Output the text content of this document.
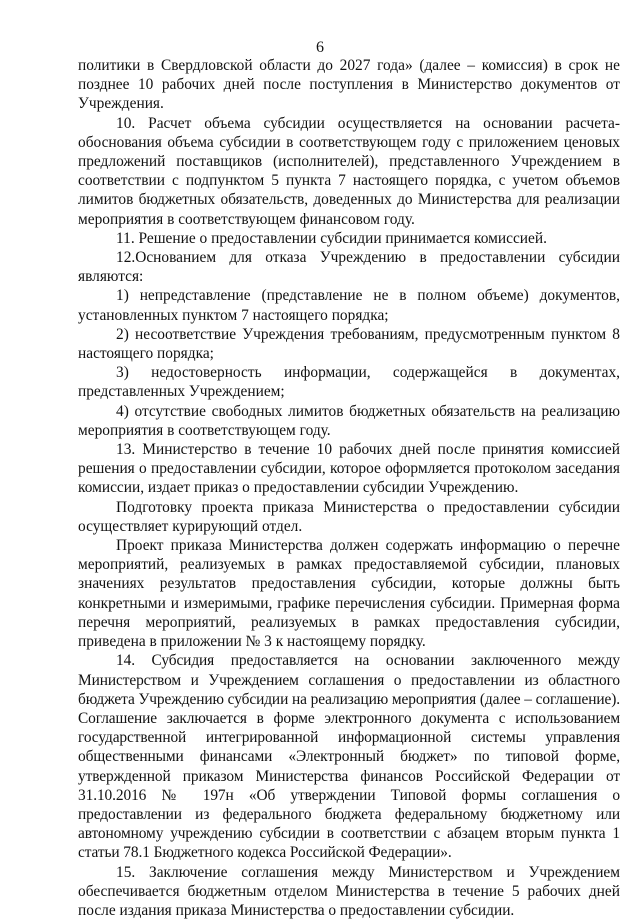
6

политики в Свердловской области до 2027 года» (далее – комиссия) в срок не позднее 10 рабочих дней после поступления в Министерство документов от Учреждения.

10. Расчет объема субсидии осуществляется на основании расчета-обоснования объема субсидии в соответствующем году с приложением ценовых предложений поставщиков (исполнителей), представленного Учреждением в соответствии с подпунктом 5 пункта 7 настоящего порядка, с учетом объемов лимитов бюджетных обязательств, доведенных до Министерства для реализации мероприятия в соответствующем финансовом году.

11. Решение о предоставлении субсидии принимается комиссией.

12.Основанием для отказа Учреждению в предоставлении субсидии являются:

1) непредставление (представление не в полном объеме) документов, установленных пунктом 7 настоящего порядка;

2) несоответствие Учреждения требованиям, предусмотренным пунктом 8 настоящего порядка;

3) недостоверность информации, содержащейся в документах, представленных Учреждением;

4) отсутствие свободных лимитов бюджетных обязательств на реализацию мероприятия в соответствующем году.

13. Министерство в течение 10 рабочих дней после принятия комиссией решения о предоставлении субсидии, которое оформляется протоколом заседания комиссии, издает приказ о предоставлении субсидии Учреждению.

Подготовку проекта приказа Министерства о предоставлении субсидии осуществляет курирующий отдел.

Проект приказа Министерства должен содержать информацию о перечне мероприятий, реализуемых в рамках предоставляемой субсидии, плановых значениях результатов предоставления субсидии, которые должны быть конкретными и измеримыми, графике перечисления субсидии. Примерная форма перечня мероприятий, реализуемых в рамках предоставления субсидии, приведена в приложении № 3 к настоящему порядку.

14. Субсидия предоставляется на основании заключенного между Министерством и Учреждением соглашения о предоставлении из областного бюджета Учреждению субсидии на реализацию мероприятия (далее – соглашение). Соглашение заключается в форме электронного документа с использованием государственной интегрированной информационной системы управления общественными финансами «Электронный бюджет» по типовой форме, утвержденной приказом Министерства финансов Российской Федерации от 31.10.2016 № 197н «Об утверждении Типовой формы соглашения о предоставлении из федерального бюджета федеральному бюджетному или автономному учреждению субсидии в соответствии с абзацем вторым пункта 1 статьи 78.1 Бюджетного кодекса Российской Федерации».

15. Заключение соглашения между Министерством и Учреждением обеспечивается бюджетным отделом Министерства в течение 5 рабочих дней после издания приказа Министерства о предоставлении субсидии.
